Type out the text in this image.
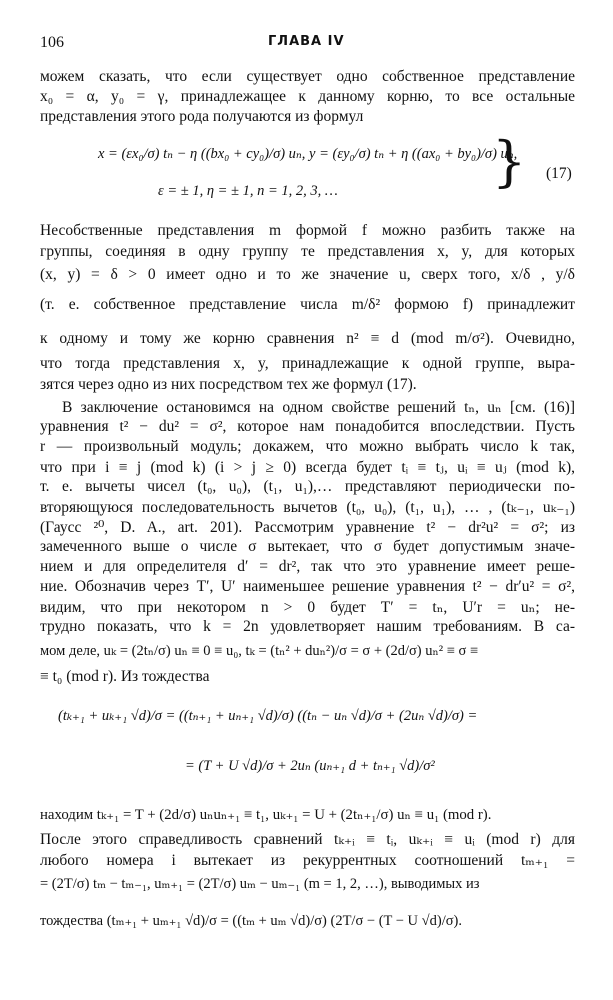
106	ГЛАВА IV
можем сказать, что если существует одно собственное представление
x₀ = α, y₀ = γ, принадлежащее к данному корню, то все остальные
представления этого рода получаются из формул
x = (εx₀/σ) tₙ − η ((bx₀ + cy₀)/σ) uₙ, y = (εy₀/σ) tₙ + η ((ax₀ + by₀)/σ) uₙ,
ε = ± 1, η = ± 1, n = 1, 2, 3, …	} (17)
Несобственные представления m формой f можно разбить также на
группы, соединяя в одну группу те представления x, y, для которых
(x, y) = δ > 0 имеет одно и то же значение u, сверх того, x/δ , y/δ
(т. е. собственное представление числа m/δ² формою f) принадлежит
к одному и тому же корню сравнения n² ≡ d (mod m/σ²). Очевидно,
что тогда представления x, y, принадлежащие к одной группе, выра-
зятся через одно из них посредством тех же формул (17).
В заключение остановимся на одном свойстве решений tₙ, uₙ [см. (16)]
уравнения t² − du² = σ², которое нам понадобится впоследствии. Пусть
r — произвольный модуль; докажем, что можно выбрать число k так,
что при i ≡ j (mod k) (i > j ≥ 0) всегда будет tᵢ ≡ tⱼ, uᵢ ≡ uⱼ (mod k),
т. е. вычеты чисел (t₀, u₀), (t₁, u₁),… представляют периодически по-
вторяющуюся последовательность вычетов (t₀, u₀), (t₁, u₁), … , (tₖ₋₁, uₖ₋₁)
(Гаусс ²⁰, D. A., art. 201). Рассмотрим уравнение t² − dr²u² = σ²; из
замеченного выше о числе σ вытекает, что σ будет допустимым значе-
нием и для определителя d′ = dr², так что это уравнение имеет реше-
ние. Обозначив через T′, U′ наименьшее решение уравнения t² − dr′u² = σ²,
видим, что при некотором n > 0 будет T′ = tₙ, U′r = uₙ; не-
трудно показать, что k = 2n удовлетворяет нашим требованиям. В са-
мом деле, uₖ = (2tₙ/σ) uₙ ≡ 0 ≡ u₀, tₖ = (tₙ² + duₙ²)/σ = σ + (2d/σ) uₙ² ≡ σ ≡
≡ t₀ (mod r). Из тождества
(tₖ₊₁ + uₖ₊₁ √d)/σ = ((tₙ₊₁ + uₙ₊₁ √d)/σ) ((tₙ − uₙ √d)/σ + (2uₙ √d)/σ) =
= (T + U √d)/σ + 2uₙ (uₙ₊₁ d + tₙ₊₁ √d)/σ²
находим tₖ₊₁ = T + (2d/σ) uₙuₙ₊₁ ≡ t₁, uₖ₊₁ = U + (2tₙ₊₁/σ) uₙ ≡ u₁ (mod r).
После этого справедливость сравнений tₖ₊ᵢ ≡ tᵢ, uₖ₊ᵢ ≡ uᵢ (mod r) для
любого номера i вытекает из рекуррентных соотношений tₘ₊₁ =
= (2T/σ) tₘ − tₘ₋₁, uₘ₊₁ = (2T/σ) uₘ − uₘ₋₁ (m = 1, 2, …), выводимых из
тождества (tₘ₊₁ + uₘ₊₁ √d)/σ = ((tₘ + uₘ √d)/σ) (2T/σ − (T − U √d)/σ).
